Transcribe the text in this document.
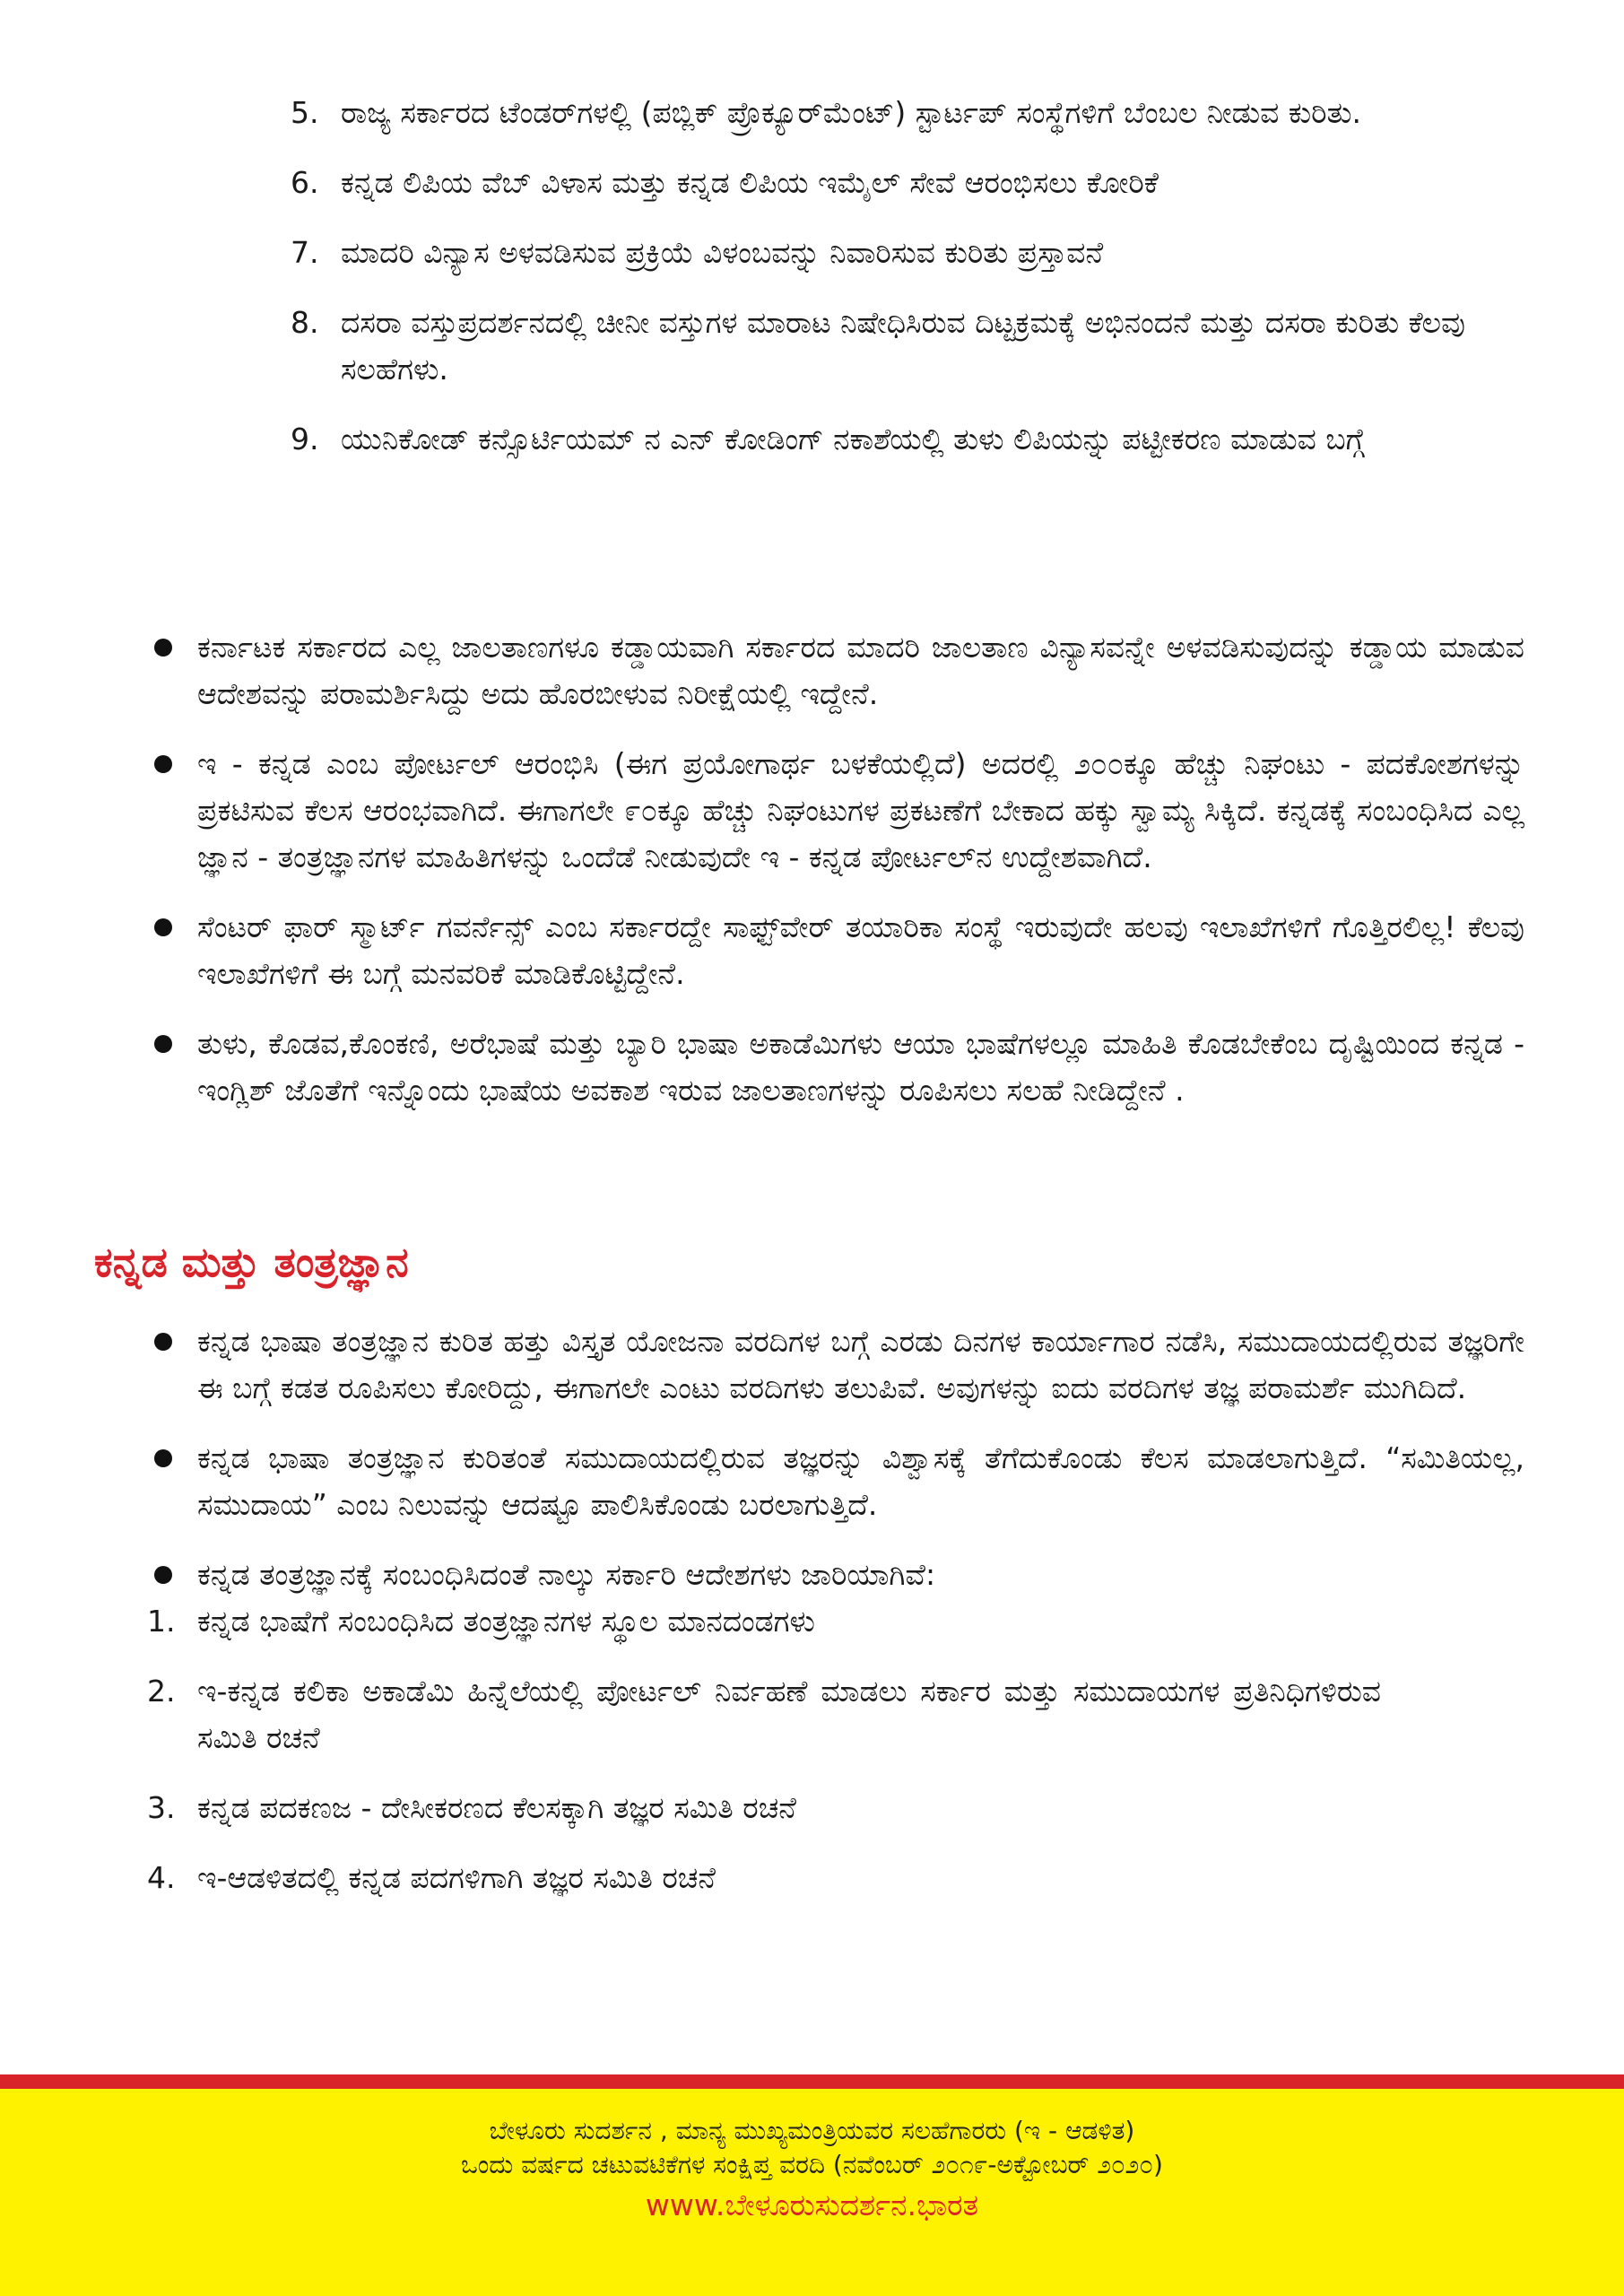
5. ರಾಜ್ಯ ಸರ್ಕಾರದ ಟೆಂಡರ್‌ಗಳಲ್ಲಿ (ಪಬ್ಲಿಕ್ ಪ್ರೊಕ್ಯೂರ್‌ಮೆಂಟ್) ಸ್ಟಾರ್ಟಪ್ ಸಂಸ್ಥೆಗಳಿಗೆ ಬೆಂಬಲ ನೀಡುವ ಕುರಿತು.
6. ಕನ್ನಡ ಲಿಪಿಯ ವೆಬ್ ವಿಳಾಸ ಮತ್ತು ಕನ್ನಡ ಲಿಪಿಯ ಇಮೈಲ್ ಸೇವೆ ಆರಂಭಿಸಲು ಕೋರಿಕೆ
7. ಮಾದರಿ ವಿನ್ಯಾಸ ಅಳವಡಿಸುವ ಪ್ರಕ್ರಿಯೆ ವಿಳಂಬವನ್ನು ನಿವಾರಿಸುವ ಕುರಿತು ಪ್ರಸ್ತಾವನೆ
8. ದಸರಾ ವಸ್ತುಪ್ರದರ್ಶನದಲ್ಲಿ ಚೀನೀ ವಸ್ತುಗಳ ಮಾರಾಟ ನಿಷೇಧಿಸಿರುವ ದಿಟ್ಟಕ್ರಮಕ್ಕೆ ಅಭಿನಂದನೆ ಮತ್ತು ದಸರಾ ಕುರಿತು ಕೆಲವು ಸಲಹೆಗಳು.
9. ಯುನಿಕೋಡ್ ಕನ್ಸೊರ್ಟಿಯಮ್ ನ ಎನ್ ಕೋಡಿಂಗ್ ನಕಾಶೆಯಲ್ಲಿ ತುಳು ಲಿಪಿಯನ್ನು ಪಟ್ಟೀಕರಣ ಮಾಡುವ ಬಗ್ಗೆ
ಕರ್ನಾಟಕ ಸರ್ಕಾರದ ಎಲ್ಲ ಜಾಲತಾಣಗಳೂ ಕಡ್ಡಾಯವಾಗಿ ಸರ್ಕಾರದ ಮಾದರಿ ಜಾಲತಾಣ ವಿನ್ಯಾಸವನ್ನೇ ಅಳವಡಿಸುವುದನ್ನು ಕಡ್ಡಾಯ ಮಾಡುವ ಆದೇಶವನ್ನು ಪರಾಮರ್ಶಿಸಿದ್ದು ಅದು ಹೊರಬೀಳುವ ನಿರೀಕ್ಷೆಯಲ್ಲಿ ಇದ್ದೇನೆ.
ಇ - ಕನ್ನಡ ಎಂಬ ಪೋರ್ಟಲ್ ಆರಂಭಿಸಿ (ಈಗ ಪ್ರಯೋಗಾರ್ಥ ಬಳಕೆಯಲ್ಲಿದೆ) ಅದರಲ್ಲಿ ೨೦೦ಕ್ಕೂ ಹೆಚ್ಚು ನಿಘಂಟು - ಪದಕೋಶಗಳನ್ನು ಪ್ರಕಟಿಸುವ ಕೆಲಸ ಆರಂಭವಾಗಿದೆ. ಈಗಾಗಲೇ ೯೦ಕ್ಕೂ ಹೆಚ್ಚು ನಿಘಂಟುಗಳ ಪ್ರಕಟಣೆಗೆ ಬೇಕಾದ ಹಕ್ಕು ಸ್ವಾಮ್ಯ ಸಿಕ್ಕಿದೆ. ಕನ್ನಡಕ್ಕೆ ಸಂಬಂಧಿಸಿದ ಎಲ್ಲ ಜ್ಞಾನ - ತಂತ್ರಜ್ಞಾನಗಳ ಮಾಹಿತಿಗಳನ್ನು ಒಂದೆಡೆ ನೀಡುವುದೇ ಇ - ಕನ್ನಡ ಪೋರ್ಟಲ್‌ನ ಉದ್ದೇಶವಾಗಿದೆ.
ಸೆಂಟರ್ ಫಾರ್ ಸ್ಮಾರ್ಟ್ ಗವರ್ನೆನ್ಸ್ ಎಂಬ ಸರ್ಕಾರದ್ದೇ ಸಾಫ್ಟ್‌ವೇರ್ ತಯಾರಿಕಾ ಸಂಸ್ಥೆ ಇರುವುದೇ ಹಲವು ಇಲಾಖೆಗಳಿಗೆ ಗೊತ್ತಿರಲಿಲ್ಲ! ಕೆಲವು ಇಲಾಖೆಗಳಿಗೆ ಈ ಬಗ್ಗೆ ಮನವರಿಕೆ ಮಾಡಿಕೊಟ್ಟಿದ್ದೇನೆ.
ತುಳು, ಕೊಡವ,ಕೊಂಕಣಿ, ಅರೆಭಾಷೆ ಮತ್ತು ಬ್ಯಾರಿ ಭಾಷಾ ಅಕಾಡೆಮಿಗಳು ಆಯಾ ಭಾಷೆಗಳಲ್ಲೂ ಮಾಹಿತಿ ಕೊಡಬೇಕೆಂಬ ದೃಷ್ಟಿಯಿಂದ ಕನ್ನಡ - ಇಂಗ್ಲಿಶ್ ಜೊತೆಗೆ ಇನ್ನೊಂದು ಭಾಷೆಯ ಅವಕಾಶ ಇರುವ ಜಾಲತಾಣಗಳನ್ನು ರೂಪಿಸಲು ಸಲಹೆ ನೀಡಿದ್ದೇನೆ .
ಕನ್ನಡ ಮತ್ತು ತಂತ್ರಜ್ಞಾನ
ಕನ್ನಡ ಭಾಷಾ ತಂತ್ರಜ್ಞಾನ ಕುರಿತ ಹತ್ತು ವಿಸ್ತೃತ ಯೋಜನಾ ವರದಿಗಳ ಬಗ್ಗೆ ಎರಡು ದಿನಗಳ ಕಾರ್ಯಾಗಾರ ನಡೆಸಿ, ಸಮುದಾಯದಲ್ಲಿರುವ ತಜ್ಞರಿಗೇ ಈ ಬಗ್ಗೆ ಕಡತ ರೂಪಿಸಲು ಕೋರಿದ್ದು, ಈಗಾಗಲೇ ಎಂಟು ವರದಿಗಳು ತಲುಪಿವೆ. ಅವುಗಳನ್ನು ಐದು ವರದಿಗಳ ತಜ್ಞ ಪರಾಮರ್ಶೆ ಮುಗಿದಿದೆ.
ಕನ್ನಡ ಭಾಷಾ ತಂತ್ರಜ್ಞಾನ ಕುರಿತಂತೆ ಸಮುದಾಯದಲ್ಲಿರುವ ತಜ್ಞರನ್ನು ವಿಶ್ವಾಸಕ್ಕೆ ತೆಗೆದುಕೊಂಡು ಕೆಲಸ ಮಾಡಲಾಗುತ್ತಿದೆ. “ಸಮಿತಿಯಲ್ಲ, ಸಮುದಾಯ” ಎಂಬ ನಿಲುವನ್ನು ಆದಷ್ಟೂ ಪಾಲಿಸಿಕೊಂಡು ಬರಲಾಗುತ್ತಿದೆ.
ಕನ್ನಡ ತಂತ್ರಜ್ಞಾನಕ್ಕೆ ಸಂಬಂಧಿಸಿದಂತೆ ನಾಲ್ಕು ಸರ್ಕಾರಿ ಆದೇಶಗಳು ಜಾರಿಯಾಗಿವೆ:
1. ಕನ್ನಡ ಭಾಷೆಗೆ ಸಂಬಂಧಿಸಿದ ತಂತ್ರಜ್ಞಾನಗಳ ಸ್ಥೂಲ ಮಾನದಂಡಗಳು
2. ಇ-ಕನ್ನಡ ಕಲಿಕಾ ಅಕಾಡೆಮಿ ಹಿನ್ನೆಲೆಯಲ್ಲಿ ಪೋರ್ಟಲ್ ನಿರ್ವಹಣೆ ಮಾಡಲು ಸರ್ಕಾರ ಮತ್ತು ಸಮುದಾಯಗಳ ಪ್ರತಿನಿಧಿಗಳಿರುವ ಸಮಿತಿ ರಚನೆ
3. ಕನ್ನಡ ಪದಕಣಜ - ದೇಸೀಕರಣದ ಕೆಲಸಕ್ಕಾಗಿ ತಜ್ಞರ ಸಮಿತಿ ರಚನೆ
4. ಇ-ಆಡಳಿತದಲ್ಲಿ ಕನ್ನಡ ಪದಗಳಿಗಾಗಿ ತಜ್ಞರ ಸಮಿತಿ ರಚನೆ
ಬೇಳೂರು ಸುದರ್ಶನ , ಮಾನ್ಯ ಮುಖ್ಯಮಂತ್ರಿಯವರ ಸಲಹೆಗಾರರು (ಇ - ಆಡಳಿತ)
ಒಂದು ವರ್ಷದ ಚಟುವಟಿಕೆಗಳ ಸಂಕ್ಷಿಪ್ತ ವರದಿ (ನವೆಂಬರ್ ೨೦೧೯-ಅಕ್ಟೋಬರ್ ೨೦೨೦)
www.ಬೇಳೂರುಸುದರ್ಶನ.ಭಾರತ
